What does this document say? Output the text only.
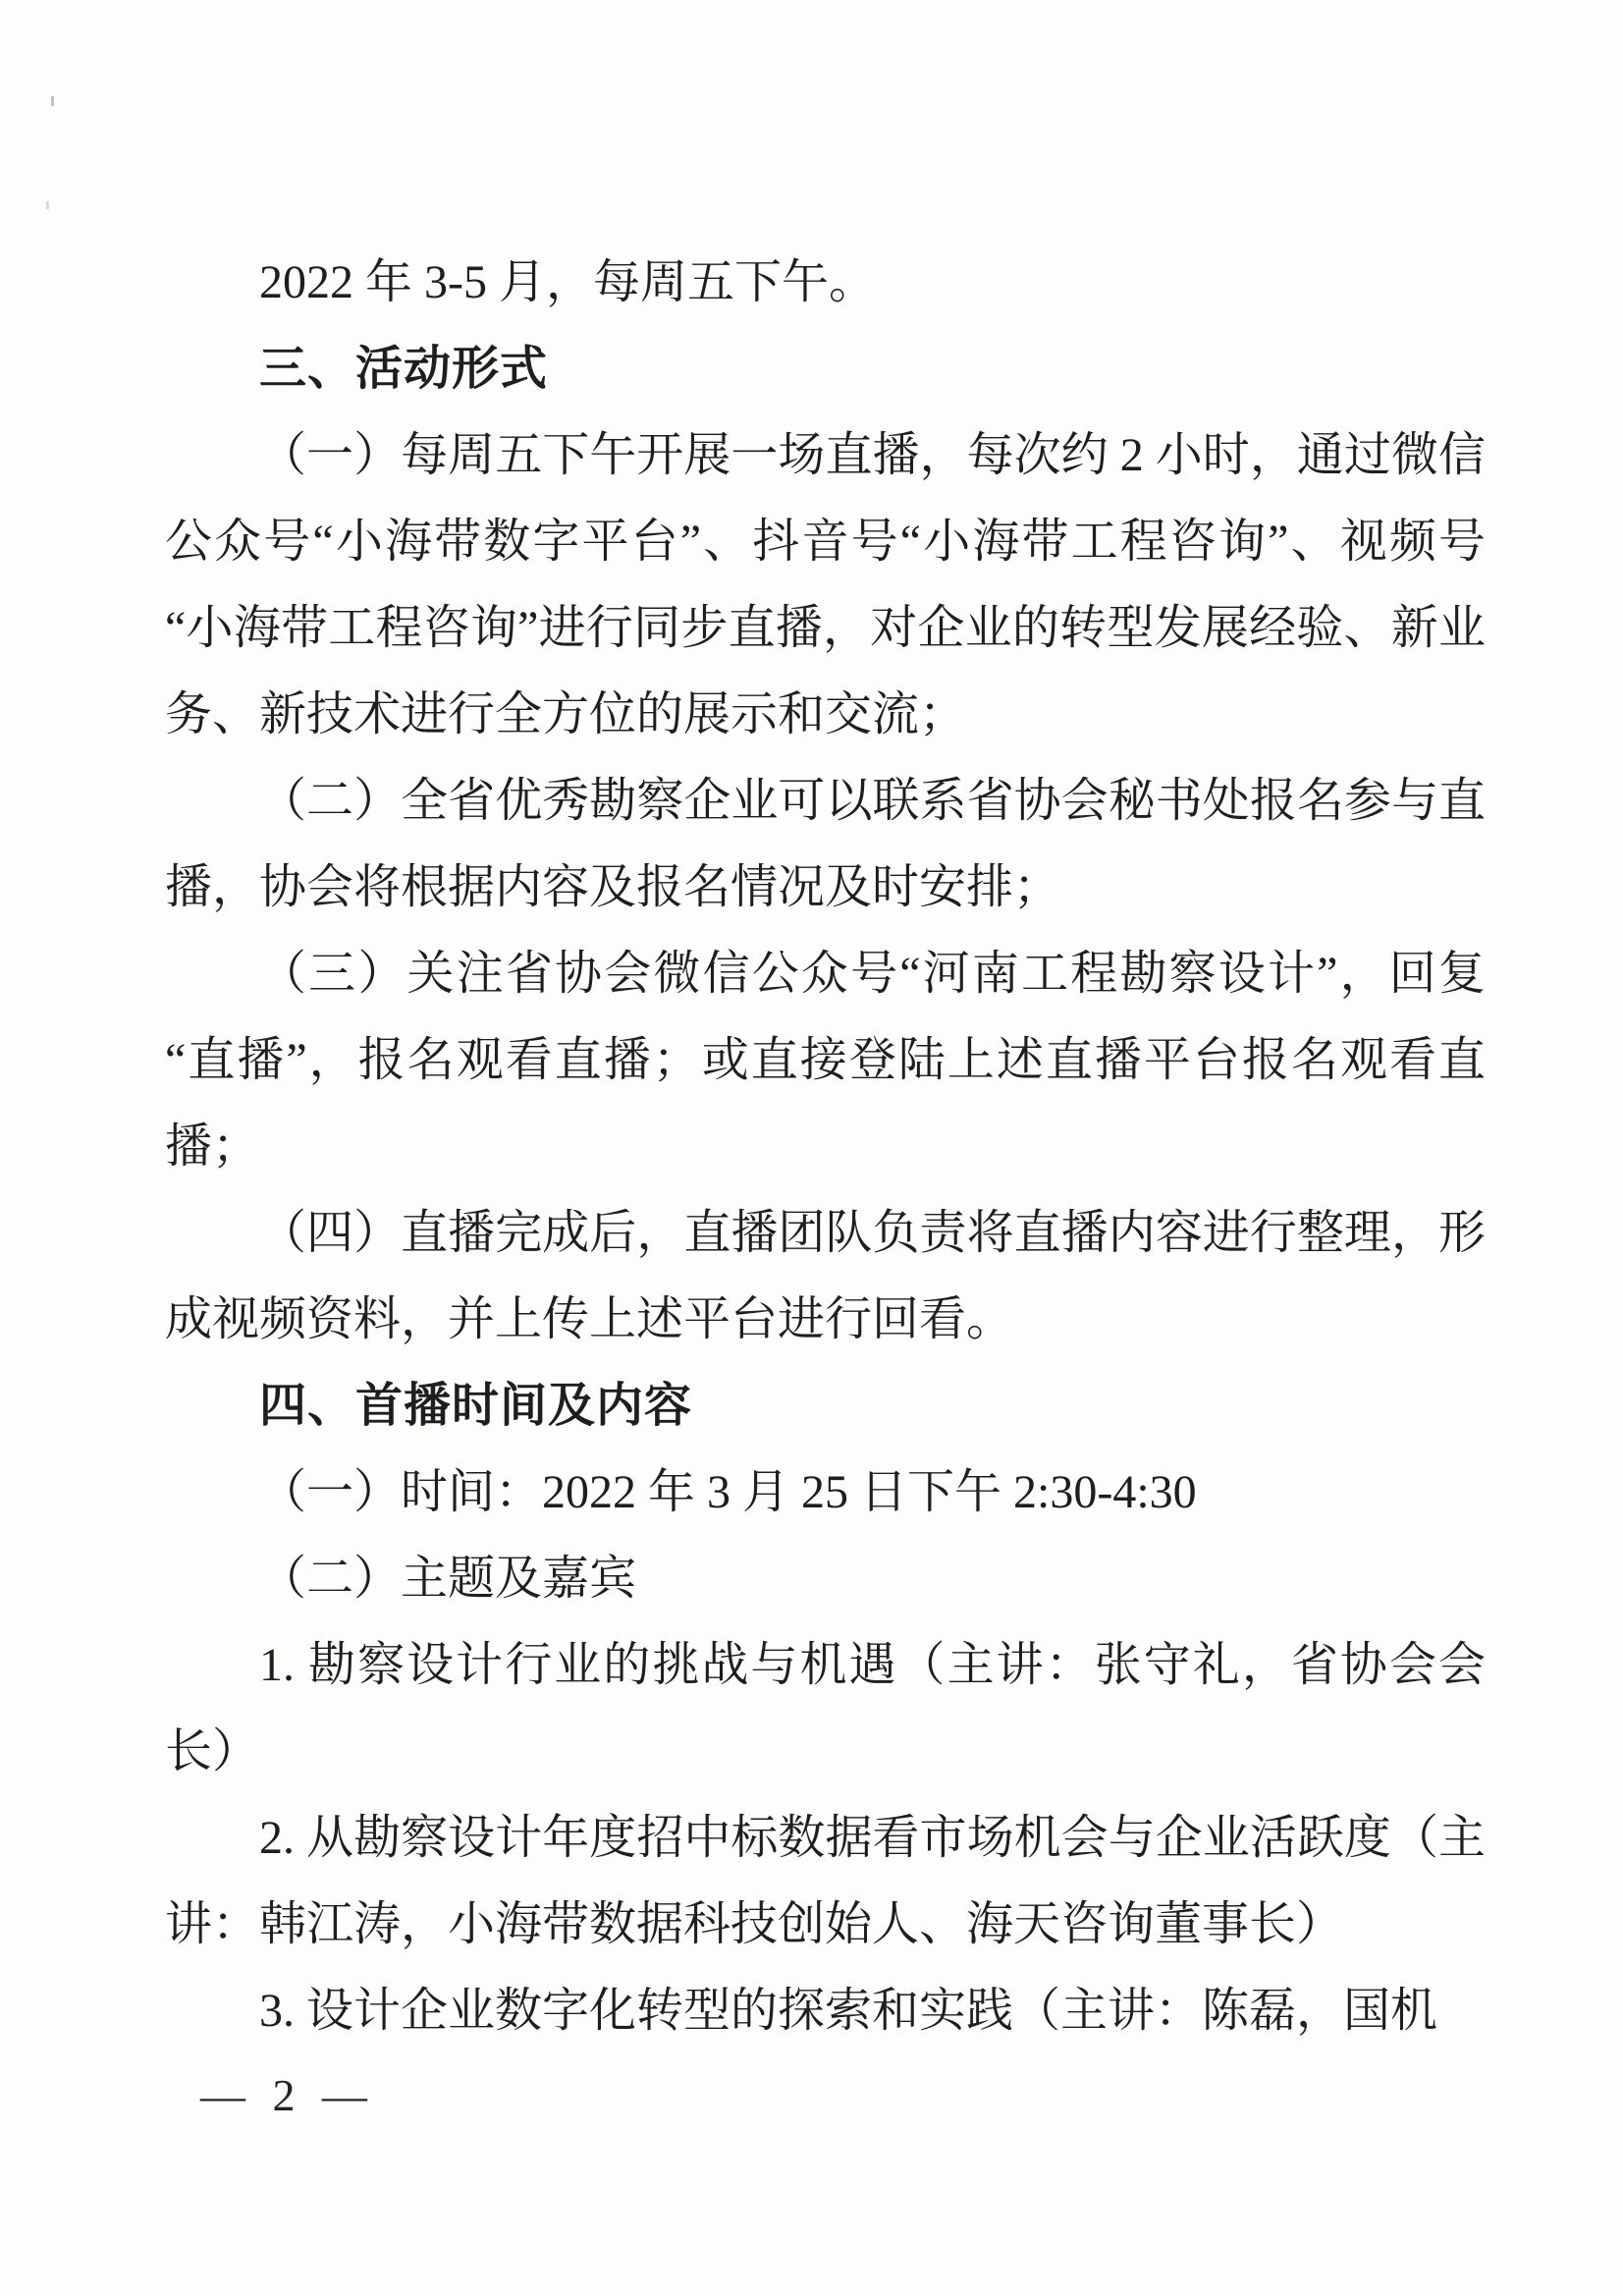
2022 年 3-5 月，每周五下午。

三、活动形式

（一）每周五下午开展一场直播，每次约 2 小时，通过微信公众号“小海带数字平台”、抖音号“小海带工程咨询”、视频号“小海带工程咨询”进行同步直播，对企业的转型发展经验、新业务、新技术进行全方位的展示和交流；

（二）全省优秀勘察企业可以联系省协会秘书处报名参与直播，协会将根据内容及报名情况及时安排；

（三）关注省协会微信公众号“河南工程勘察设计”，回复“直播”，报名观看直播；或直接登陆上述直播平台报名观看直播；

（四）直播完成后，直播团队负责将直播内容进行整理，形成视频资料，并上传上述平台进行回看。

四、首播时间及内容

（一）时间：2022 年 3 月 25 日下午 2:30-4:30

（二）主题及嘉宾

1. 勘察设计行业的挑战与机遇（主讲：张守礼，省协会会长）

2. 从勘察设计年度招中标数据看市场机会与企业活跃度（主讲：韩江涛，小海带数据科技创始人、海天咨询董事长）

3. 设计企业数字化转型的探索和实践（主讲：陈磊，国机

— 2 —
